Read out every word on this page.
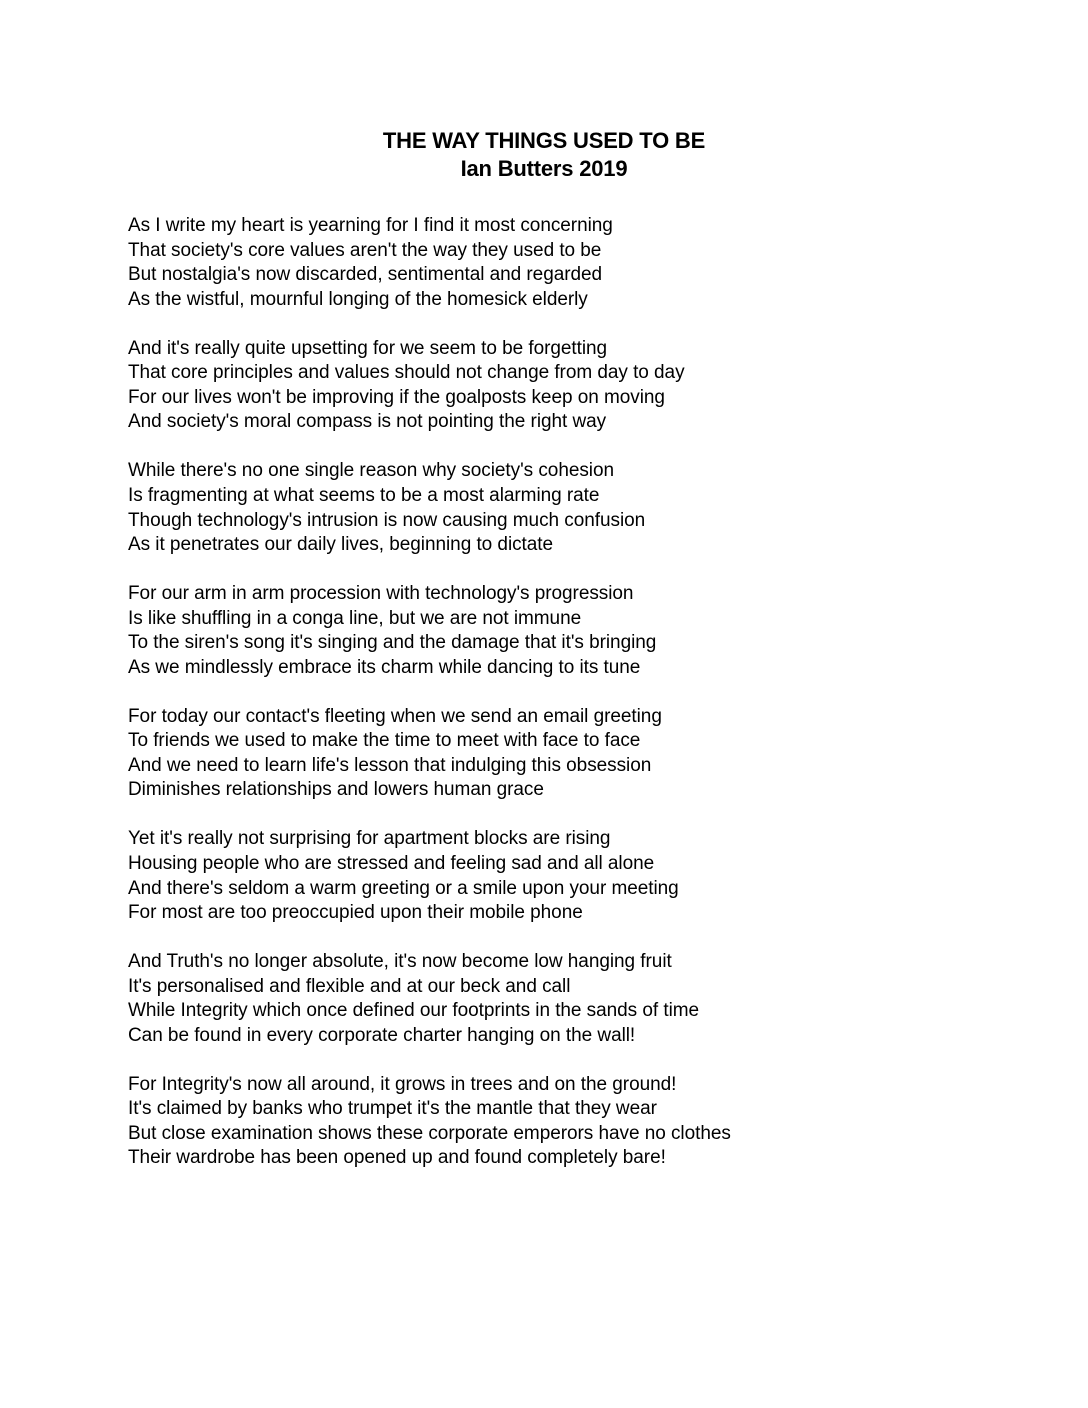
THE WAY THINGS USED TO BE
Ian Butters 2019
As I write my heart is yearning for I find it most concerning
That society's core values aren't the way they used to be
But nostalgia's now discarded, sentimental and regarded
As the wistful, mournful longing of the homesick elderly
And it's really quite upsetting for we seem to be forgetting
That core principles and values should not change from day to day
For our lives won't be improving if the goalposts keep on moving
And society's moral compass is not pointing the right way
While there's no one single reason why society's cohesion
Is fragmenting at what seems to be a most alarming rate
Though technology's intrusion is now causing much confusion
As it penetrates our daily lives, beginning to dictate
For our arm in arm procession with technology's progression
Is like shuffling in a conga line, but we are not immune
To the siren's song it's singing and the damage that it's bringing
As we mindlessly embrace its charm while dancing to its tune
For today our contact's fleeting when we send an email greeting
To friends we used to make the time to meet with face to face
And we need to learn life's lesson that indulging this obsession
Diminishes relationships and lowers human grace
Yet it's really not surprising for apartment blocks are rising
Housing people who are stressed and feeling sad and all alone
And there's seldom a warm greeting or a smile upon your meeting
For most are too preoccupied upon their mobile phone
And Truth's no longer absolute, it's now become low hanging fruit
It's personalised and flexible and at our beck and call
While Integrity which once defined our footprints in the sands of time
Can be found in every corporate charter hanging on the wall!
For Integrity's now all around, it grows in trees and on the ground!
It's claimed by banks who trumpet it's the mantle that they wear
But close examination shows these corporate emperors have no clothes
Their wardrobe has been opened up and found completely bare!
